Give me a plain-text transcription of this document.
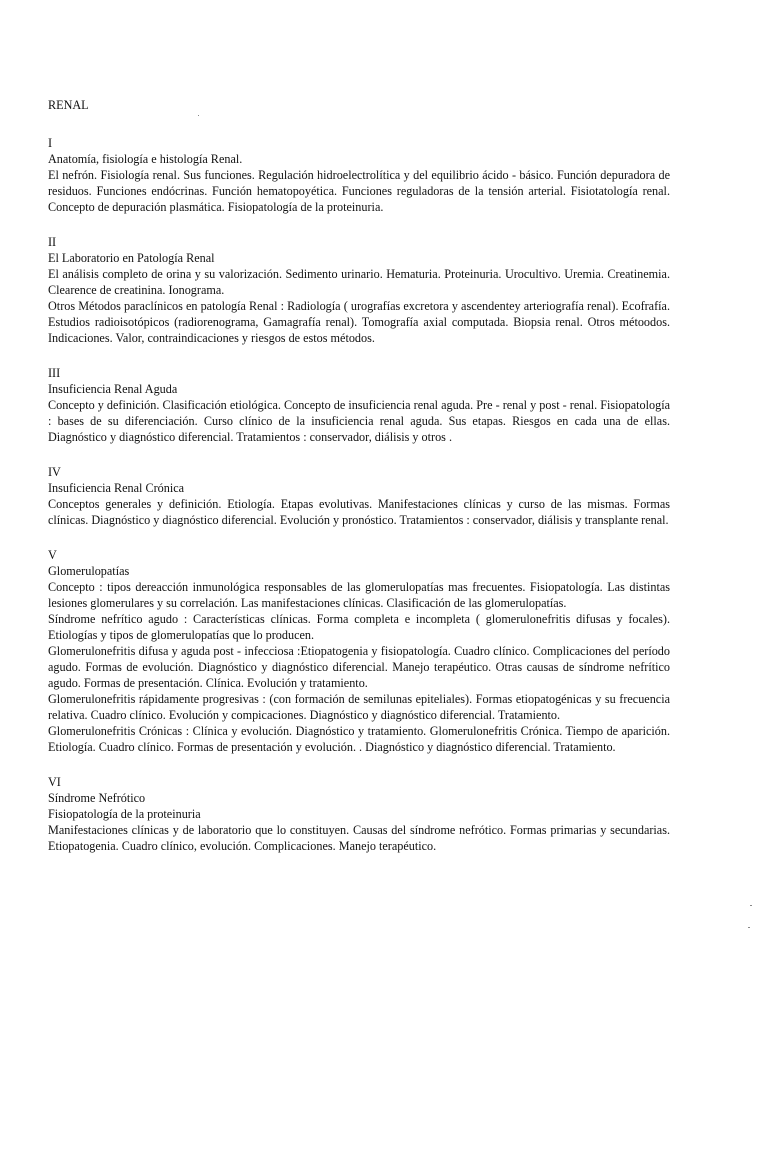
RENAL
I
Anatomía, fisiología e histología Renal.

El nefrón. Fisiología renal. Sus funciones. Regulación hidroelectrolítica y del equilibrio ácido - básico. Función depuradora de residuos. Funciones endócrinas. Función hematopoyética. Funciones reguladoras de la tensión arterial. Fisiotatología renal. Concepto de depuración plasmática. Fisiopatología de la proteinuria.

II
El Laboratorio en Patología Renal

El análisis completo de orina y su valorización. Sedimento urinario. Hematuria. Proteinuria. Urocultivo. Uremia. Creatinemia. Clearence de creatinina. Ionograma.

Otros Métodos paraclínicos en patología Renal : Radiología ( urografías excretora y ascendentey arteriografía renal). Ecofrafía. Estudios radioisotópicos (radiorenograma, Gamagrafía renal). Tomografía axial computada. Biopsia renal. Otros métoodos. Indicaciones. Valor, contraindicaciones y riesgos de estos métodos.

III
Insuficiencia Renal Aguda

Concepto y definición. Clasificación etiológica. Concepto de insuficiencia renal aguda. Pre - renal y post - renal. Fisiopatología : bases de su diferenciación. Curso clínico de la insuficiencia renal aguda. Sus etapas. Riesgos en cada una de ellas. Diagnóstico y diagnóstico diferencial. Tratamientos : conservador, diálisis y otros .

IV
Insuficiencia Renal Crónica

Conceptos generales y definición. Etiología. Etapas evolutivas. Manifestaciones clínicas y curso de las mismas. Formas clínicas. Diagnóstico y diagnóstico diferencial. Evolución y pronóstico. Tratamientos : conservador, diálisis y transplante renal.

V
Glomerulopatías

Concepto : tipos dereacción inmunológica responsables de las glomerulopatías mas frecuentes. Fisiopatología. Las distintas lesiones glomerulares y su correlación. Las manifestaciones clínicas. Clasificación de las glomerulopatías.

Síndrome nefrítico agudo : Características clínicas. Forma completa e incompleta ( glomerulonefritis difusas y focales). Etiologías y tipos de glomerulopatías que lo producen.

Glomerulonefritis difusa y aguda post - infecciosa :Etiopatogenia y fisiopatología. Cuadro clínico. Complicaciones del período agudo. Formas de evolución. Diagnóstico y diagnóstico diferencial. Manejo terapéutico. Otras causas de síndrome nefrítico agudo. Formas de presentación. Clínica. Evolución y tratamiento.

Glomerulonefritis rápidamente progresivas : (con formación de semilunas epiteliales). Formas etiopatogénicas y su frecuencia relativa. Cuadro clínico. Evolución y compicaciones. Diagnóstico y diagnóstico diferencial. Tratamiento.

Glomerulonefritis Crónicas : Clínica y evolución. Diagnóstico y tratamiento. Glomerulonefritis Crónica. Tiempo de aparición. Etiología. Cuadro clínico. Formas de presentación y evolución. . Diagnóstico y diagnóstico diferencial. Tratamiento.

VI
Síndrome Nefrótico

Fisiopatología de la proteinuria

Manifestaciones clínicas y de laboratorio que lo constituyen. Causas del síndrome nefrótico. Formas primarias y secundarias. Etiopatogenia. Cuadro clínico, evolución. Complicaciones. Manejo terapéutico.
